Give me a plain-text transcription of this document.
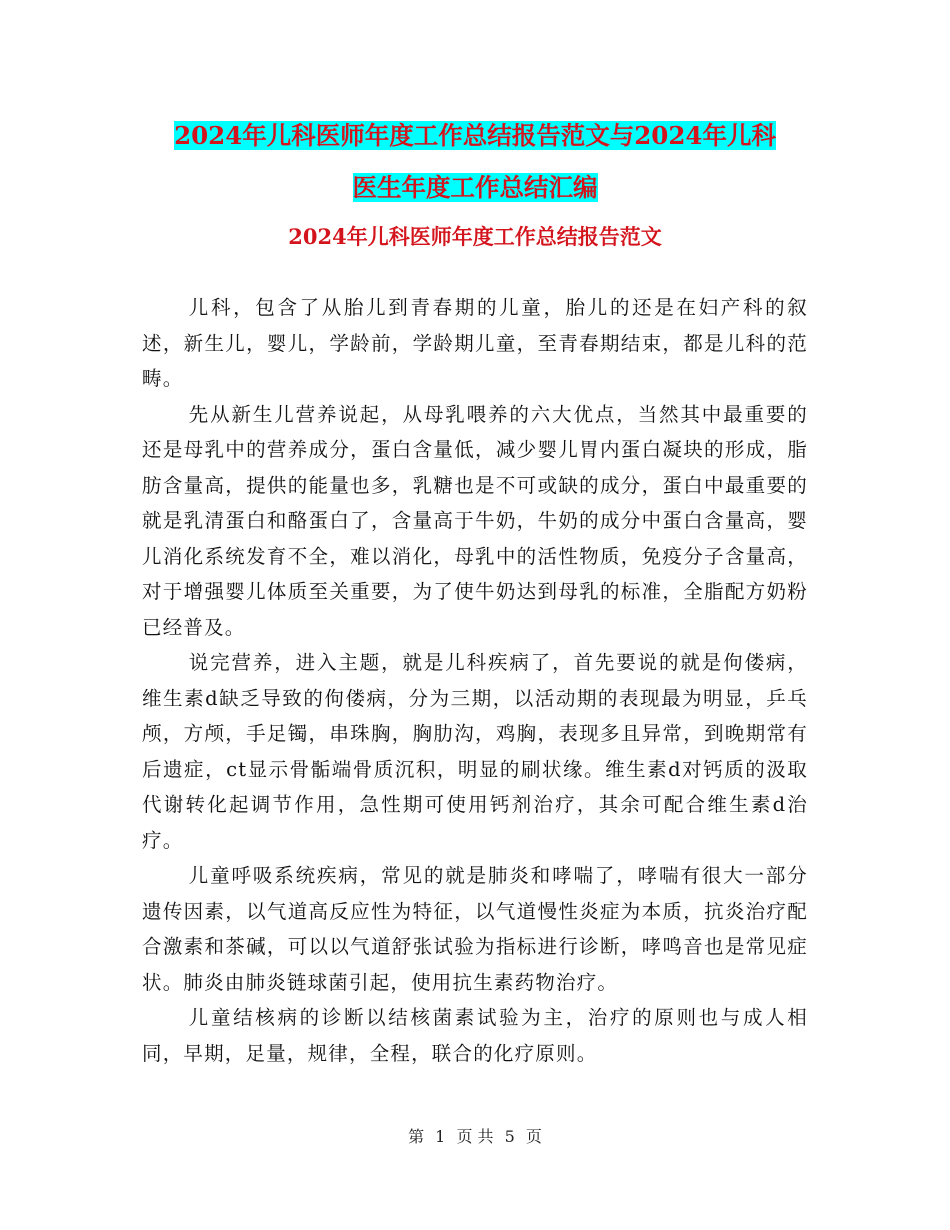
2024年儿科医师年度工作总结报告范文与2024年儿科
医生年度工作总结汇编
2024年儿科医师年度工作总结报告范文

儿科，包含了从胎儿到青春期的儿童，胎儿的还是在妇产科的叙述，新生儿，婴儿，学龄前，学龄期儿童，至青春期结束，都是儿科的范畴。

先从新生儿营养说起，从母乳喂养的六大优点，当然其中最重要的还是母乳中的营养成分，蛋白含量低，减少婴儿胃内蛋白凝块的形成，脂肪含量高，提供的能量也多，乳糖也是不可或缺的成分，蛋白中最重要的就是乳清蛋白和酪蛋白了，含量高于牛奶，牛奶的成分中蛋白含量高，婴儿消化系统发育不全，难以消化，母乳中的活性物质，免疫分子含量高，对于增强婴儿体质至关重要，为了使牛奶达到母乳的标准，全脂配方奶粉已经普及。

说完营养，进入主题，就是儿科疾病了，首先要说的就是佝偻病，维生素d缺乏导致的佝偻病，分为三期，以活动期的表现最为明显，乒乓颅，方颅，手足镯，串珠胸，胸肋沟，鸡胸，表现多且异常，到晚期常有后遗症，ct显示骨骺端骨质沉积，明显的刷状缘。维生素d对钙质的汲取代谢转化起调节作用，急性期可使用钙剂治疗，其余可配合维生素d治疗。

儿童呼吸系统疾病，常见的就是肺炎和哮喘了，哮喘有很大一部分遗传因素，以气道高反应性为特征，以气道慢性炎症为本质，抗炎治疗配合激素和茶碱，可以以气道舒张试验为指标进行诊断，哮鸣音也是常见症状。肺炎由肺炎链球菌引起，使用抗生素药物治疗。

儿童结核病的诊断以结核菌素试验为主，治疗的原则也与成人相同，早期，足量，规律，全程，联合的化疗原则。

第 1 页 共 5 页
